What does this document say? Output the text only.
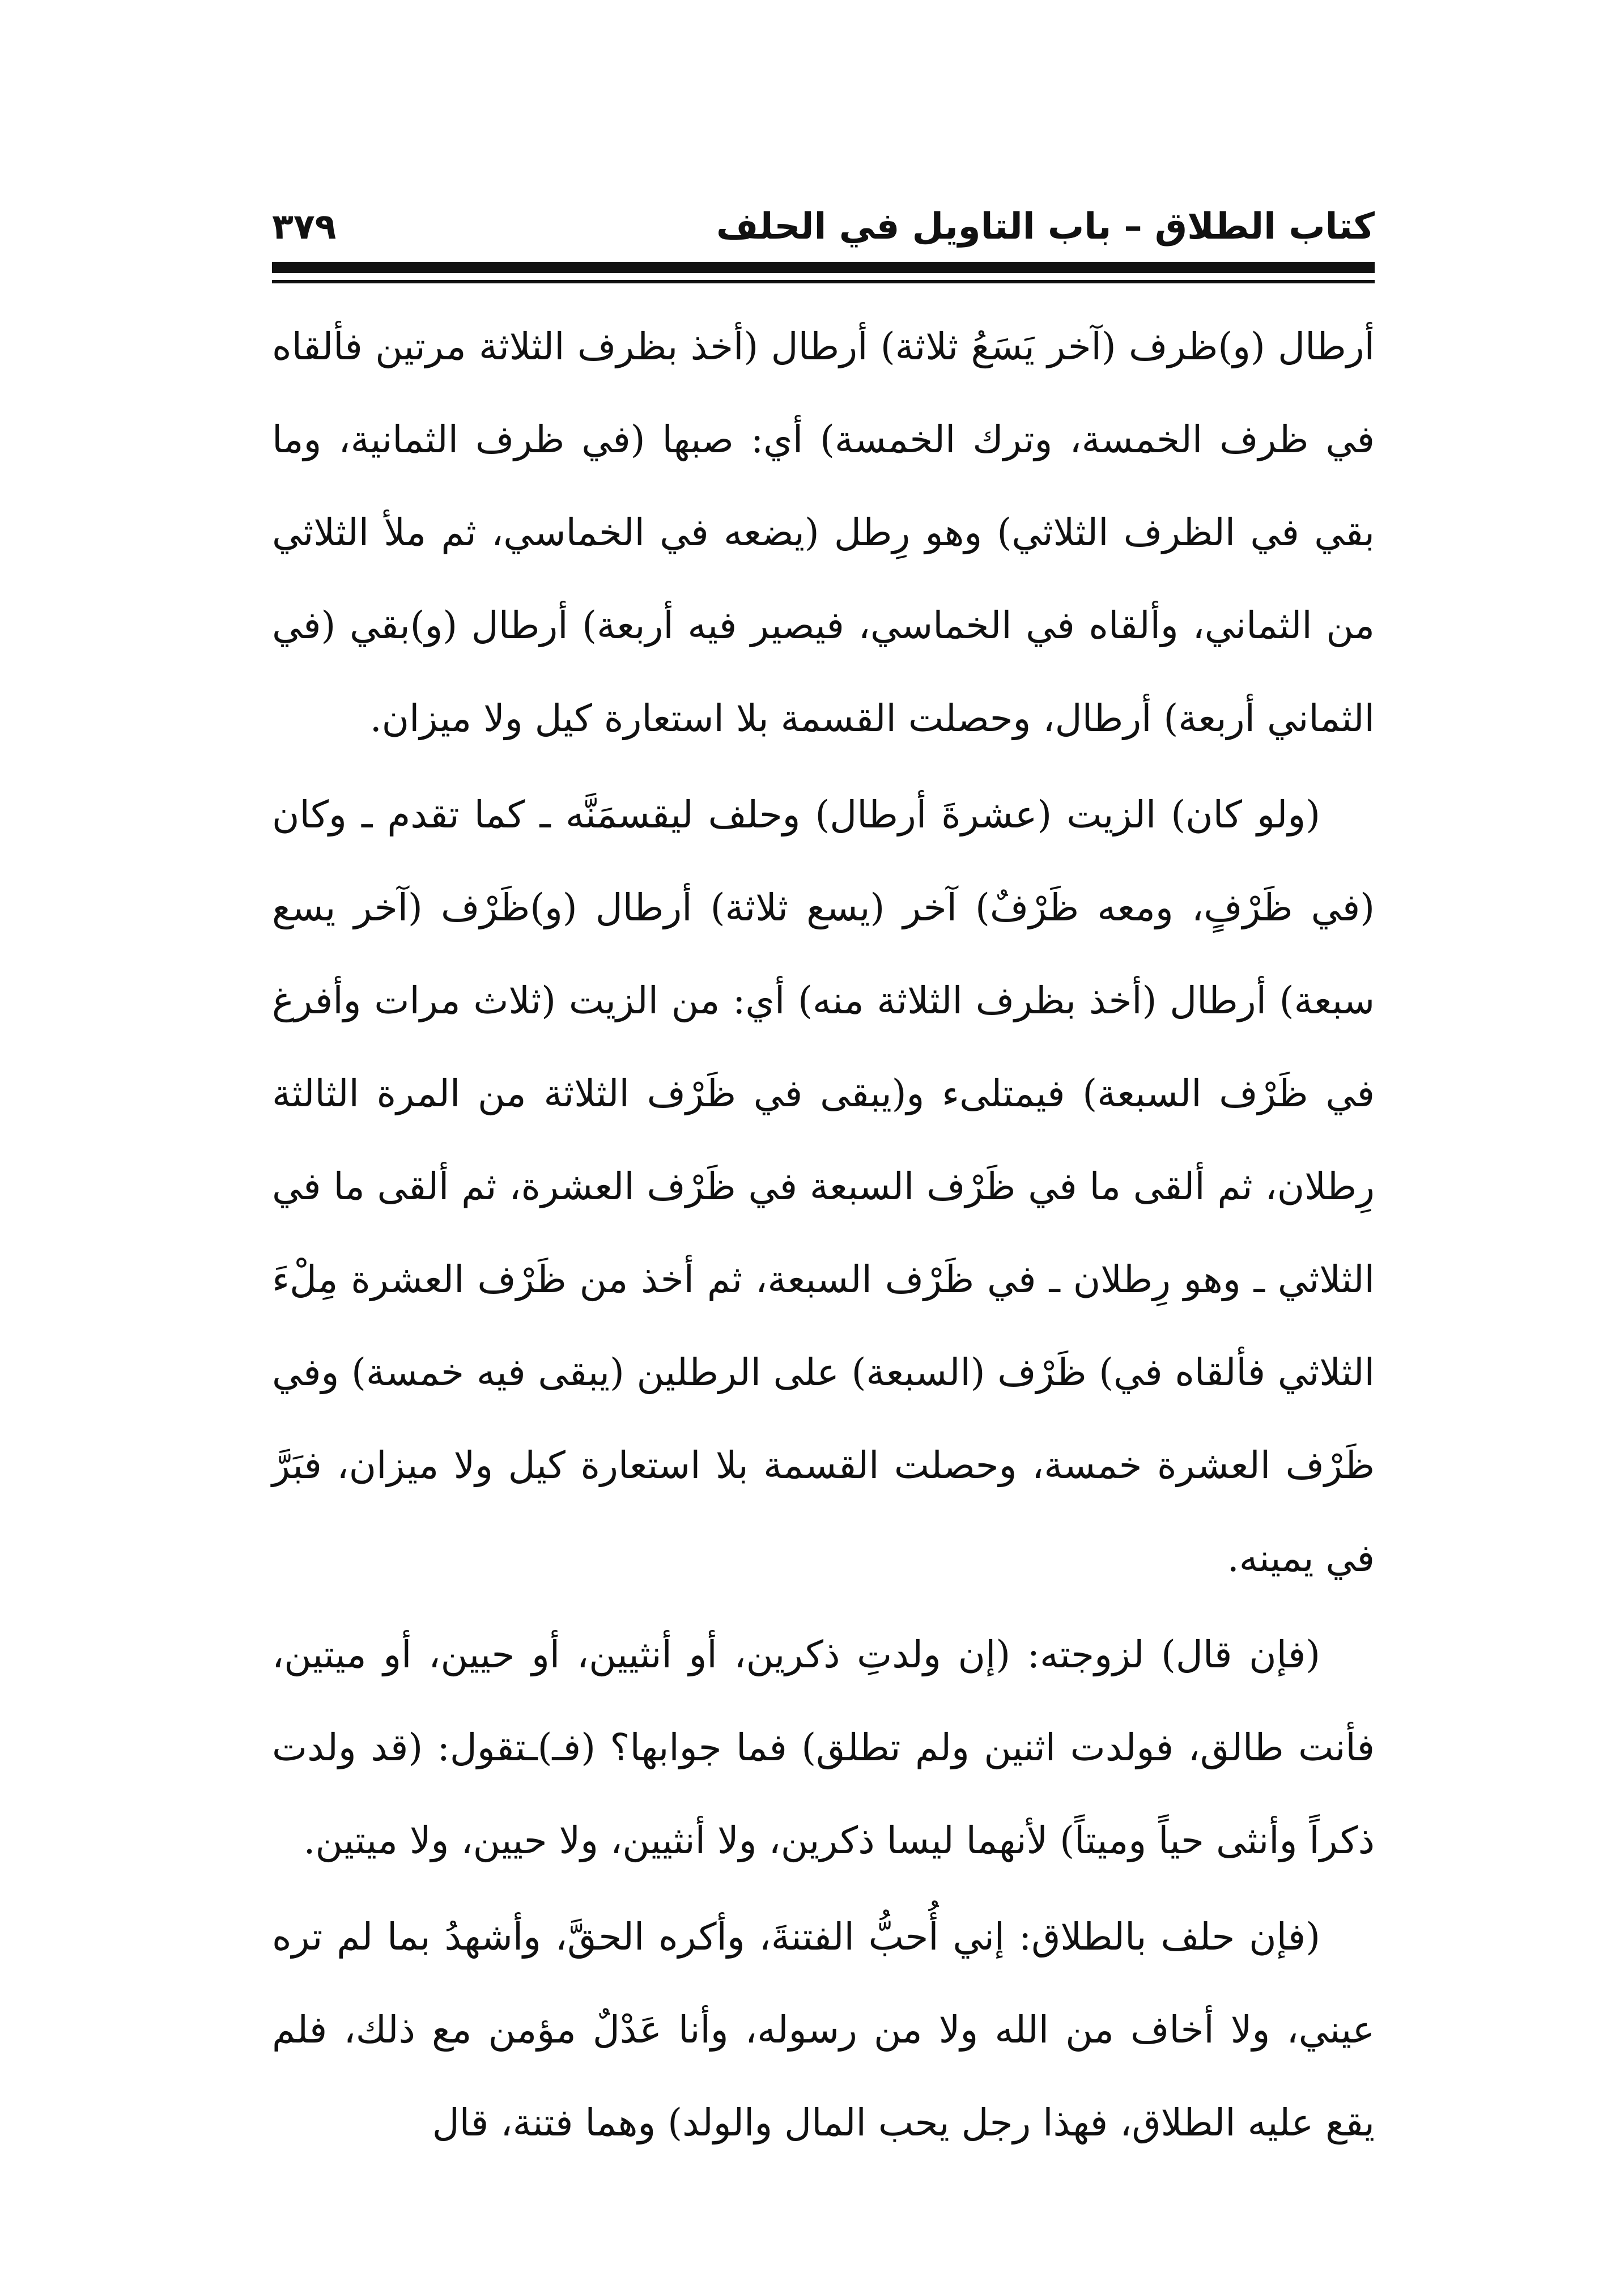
٣٧٩	كتاب الطلاق – باب التاويل في الحلف

أرطال (و)ظرف (آخر يَسَعُ ثلاثة) أرطال (أخذ بظرف الثلاثة مرتين فألقاه في ظرف الخمسة، وترك الخمسة) أي: صبها (في ظرف الثمانية، وما بقي في الظرف الثلاثي) وهو رِطل (يضعه في الخماسي، ثم ملأ الثلاثي من الثماني، وألقاه في الخماسي، فيصير فيه أربعة) أرطال (و)بقي (في الثماني أربعة) أرطال، وحصلت القسمة بلا استعارة كيل ولا ميزان.

(ولو كان) الزيت (عشرةَ أرطال) وحلف ليقسمَنَّه ـ كما تقدم ـ وكان (في ظَرْفٍ، ومعه ظَرْفٌ) آخر (يسع ثلاثة) أرطال (و)ظَرْف (آخر يسع سبعة) أرطال (أخذ بظرف الثلاثة منه) أي: من الزيت (ثلاث مرات وأفرغ في ظَرْف السبعة) فيمتلىء و(يبقى في ظَرْف الثلاثة من المرة الثالثة رِطلان، ثم ألقى ما في ظَرْف السبعة في ظَرْف العشرة، ثم ألقى ما في الثلاثي ـ وهو رِطلان ـ في ظَرْف السبعة، ثم أخذ من ظَرْف العشرة مِلْءَ الثلاثي فألقاه في) ظَرْف (السبعة) على الرطلين (يبقى فيه خمسة) وفي ظَرْف العشرة خمسة، وحصلت القسمة بلا استعارة كيل ولا ميزان، فبَرَّ في يمينه.

(فإن قال) لزوجته: (إن ولدتِ ذكرين، أو أنثيين، أو حيين، أو ميتين، فأنت طالق، فولدت اثنين ولم تطلق) فما جوابها؟ (فـ)ـتقول: (قد ولدت ذكراً وأنثى حياً وميتاً) لأنهما ليسا ذكرين، ولا أنثيين، ولا حيين، ولا ميتين.

(فإن حلف بالطلاق: إني أُحبُّ الفتنةَ، وأكره الحقَّ، وأشهدُ بما لم تره عيني، ولا أخاف من الله ولا من رسوله، وأنا عَدْلٌ مؤمن مع ذلك، فلم يقع عليه الطلاق، فهذا رجل يحب المال والولد) وهما فتنة، قال
